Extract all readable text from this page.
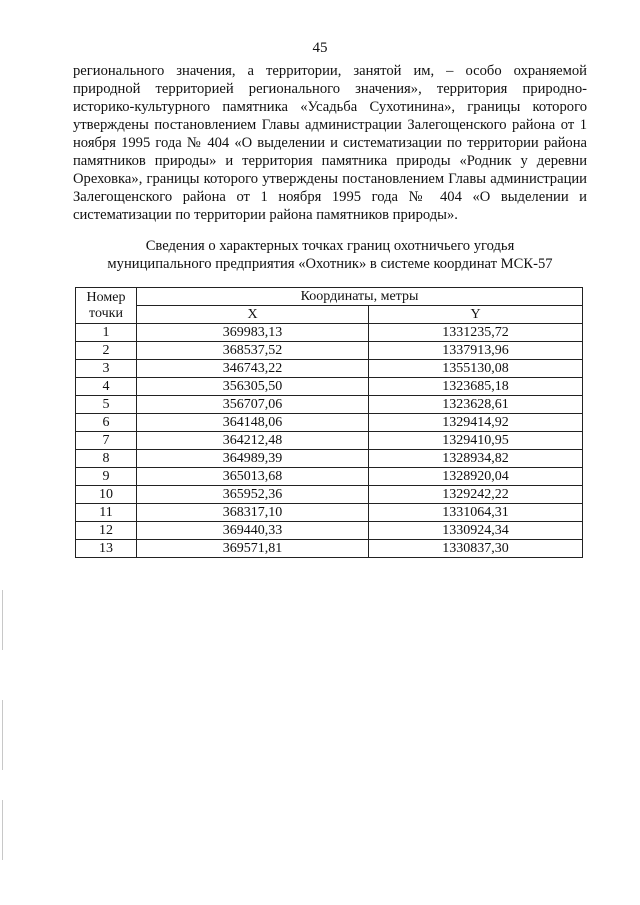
45

регионального значения, а территории, занятой им, – особо охраняемой природной территорией регионального значения», территория природно-историко-культурного памятника «Усадьба Сухотинина», границы которого утверждены постановлением Главы администрации Залегощенского района от 1 ноября 1995 года № 404 «О выделении и систематизации по территории района памятников природы» и территория памятника природы «Родник у деревни Ореховка», границы которого утверждены постановлением Главы администрации Залегощенского района от 1 ноября 1995 года № 404 «О выделении и систематизации по территории района памятников природы».

Сведения о характерных точках границ охотничьего угодья
муниципального предприятия «Охотник» в системе координат МСК-57
Номер
точки	Координаты, метры	
	X	Y
1	369983,13	1331235,72
2	368537,52	1337913,96
3	346743,22	1355130,08
4	356305,50	1323685,18
5	356707,06	1323628,61
6	364148,06	1329414,92
7	364212,48	1329410,95
8	364989,39	1328934,82
9	365013,68	1328920,04
10	365952,36	1329242,22
11	368317,10	1331064,31
12	369440,33	1330924,34
13	369571,81	1330837,30
